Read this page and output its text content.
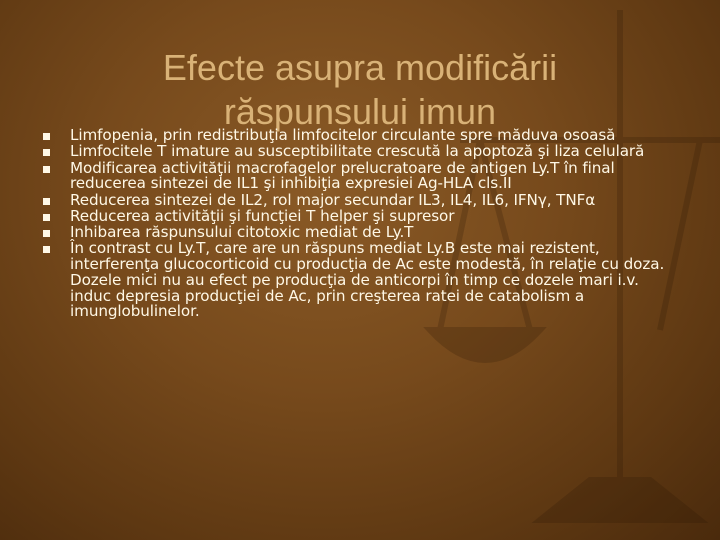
Efecte asupra modificării
răspunsului imun
Limfopenia, prin redistribuţia limfocitelor circulante spre măduva osoasă
Limfocitele T imature au susceptibilitate crescută la apoptoză şi liza celulară
Modificarea activităţii macrofagelor prelucratoare de antigen Ly.T în final reducerea sintezei de IL1 şi inhibiţia expresiei Ag-HLA cls.II
Reducerea sintezei de IL2, rol major secundar IL3, IL4, IL6, IFNγ, TNFα
Reducerea activităţii şi funcţiei T helper şi supresor
Inhibarea răspunsului citotoxic mediat de Ly.T
În contrast cu Ly.T, care are un răspuns mediat Ly.B este mai rezistent, interferenţa glucocorticoid cu producţia de Ac este modestă, în relaţie cu doza. Dozele mici nu au efect pe producţia de anticorpi în timp ce dozele mari i.v. induc depresia producţiei de Ac, prin creşterea ratei de catabolism a imunglobulinelor.
